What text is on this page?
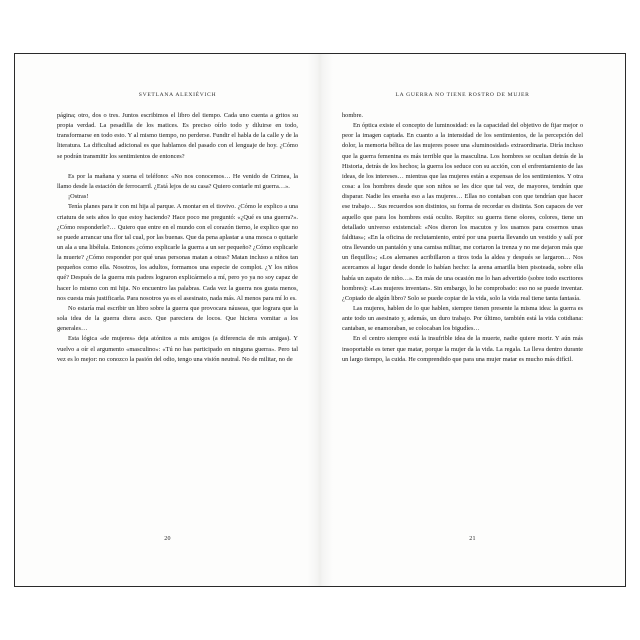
SVETLANA ALEXIÉVICH

página; otro, dos o tres. Juntos escribimos el libro del tiempo. Cada uno cuenta a gritos su propia verdad. La pesadilla de los matices. Es preciso oírlo todo y diluirse en todo, transformarse en todo esto. Y al mismo tiempo, no perderse. Fundir el habla de la calle y de la literatura. La dificultad adicional es que hablamos del pasado con el lenguaje de hoy. ¿Cómo se podrán transmitir los sentimientos de entonces?

Es por la mañana y suena el teléfono: «No nos conocemos… He venido de Crimea, la llamo desde la estación de ferrocarril. ¿Está lejos de su casa? Quiero contarle mi guerra…».

¡Ostras!

Tenía planes para ir con mi hija al parque. A montar en el tiovivo. ¿Cómo le explico a una criatura de seis años lo que estoy haciendo? Hace poco me preguntó: «¿Qué es una guerra?». ¿Cómo responderle?… Quiero que entre en el mundo con el corazón tierno, le explico que no se puede arrancar una flor tal cual, por las buenas. Que da pena aplastar a una mosca o quitarle un ala a una libélula. Entonces ¿cómo explicarle la guerra a un ser pequeño? ¿Cómo explicarle la muerte? ¿Cómo responder por qué unas personas matan a otras? Matan incluso a niños tan pequeños como ella. Nosotros, los adultos, formamos una especie de complot. ¿Y los niños qué? Después de la guerra mis padres lograron explicármelo a mí, pero yo ya no soy capaz de hacer lo mismo con mi hija. No encuentro las palabras. Cada vez la guerra nos gusta menos, nos cuesta más justificarla. Para nosotros ya es el asesinato, nada más. Al menos para mí lo es.

No estaría mal escribir un libro sobre la guerra que provocara náuseas, que lograra que la sola idea de la guerra diera asco. Que pareciera de locos. Que hiciera vomitar a los generales…

Esta lógica «de mujeres» deja atónitos a mis amigos (a diferencia de mis amigas). Y vuelvo a oír el argumento «masculino»: «Tú no has participado en ninguna guerra». Pero tal vez es lo mejor: no conozco la pasión del odio, tengo una visión neutral. No de militar, no de

20
LA GUERRA NO TIENE ROSTRO DE MUJER

hombre.

En óptica existe el concepto de luminosidad: es la capacidad del objetivo de fijar mejor o peor la imagen captada. En cuanto a la intensidad de los sentimientos, de la percepción del dolor, la memoria bélica de las mujeres posee una «luminosidad» extraordinaria. Diría incluso que la guerra femenina es más terrible que la masculina. Los hombres se ocultan detrás de la Historia, detrás de los hechos; la guerra los seduce con su acción, con el enfrentamiento de las ideas, de los intereses… mientras que las mujeres están a expensas de los sentimientos. Y otra cosa: a los hombres desde que son niños se les dice que tal vez, de mayores, tendrán que disparar. Nadie les enseña eso a las mujeres… Ellas no contaban con que tendrían que hacer ese trabajo… Sus recuerdos son distintos, su forma de recordar es distinta. Son capaces de ver aquello que para los hombres está oculto. Repito: su guerra tiene olores, colores, tiene un detallado universo existencial: «Nos dieron los macutos y los usamos para cosernos unas falditas»; «En la oficina de reclutamiento, entré por una puerta llevando un vestido y salí por otra llevando un pantalón y una camisa militar, me cortaron la trenza y no me dejaron más que un flequillo»; «Los alemanes acribillaron a tiros toda la aldea y después se largaron… Nos acercamos al lugar desde donde lo habían hecho: la arena amarilla bien pisoteada, sobre ella había un zapato de niño…». En más de una ocasión me lo han advertido (sobre todo escritores hombres): «Las mujeres inventan». Sin embargo, lo he comprobado: eso no se puede inventar. ¿Copiado de algún libro? Solo se puede copiar de la vida, solo la vida real tiene tanta fantasía.

Las mujeres, hablen de lo que hablen, siempre tienen presente la misma idea: la guerra es ante todo un asesinato y, además, un duro trabajo. Por último, también está la vida cotidiana: cantaban, se enamoraban, se colocaban los bigudíes…

En el centro siempre está la insufrible idea de la muerte, nadie quiere morir. Y aún más insoportable es tener que matar, porque la mujer da la vida. La regala. La lleva dentro durante un largo tiempo, la cuida. He comprendido que para una mujer matar es mucho más difícil.

21
